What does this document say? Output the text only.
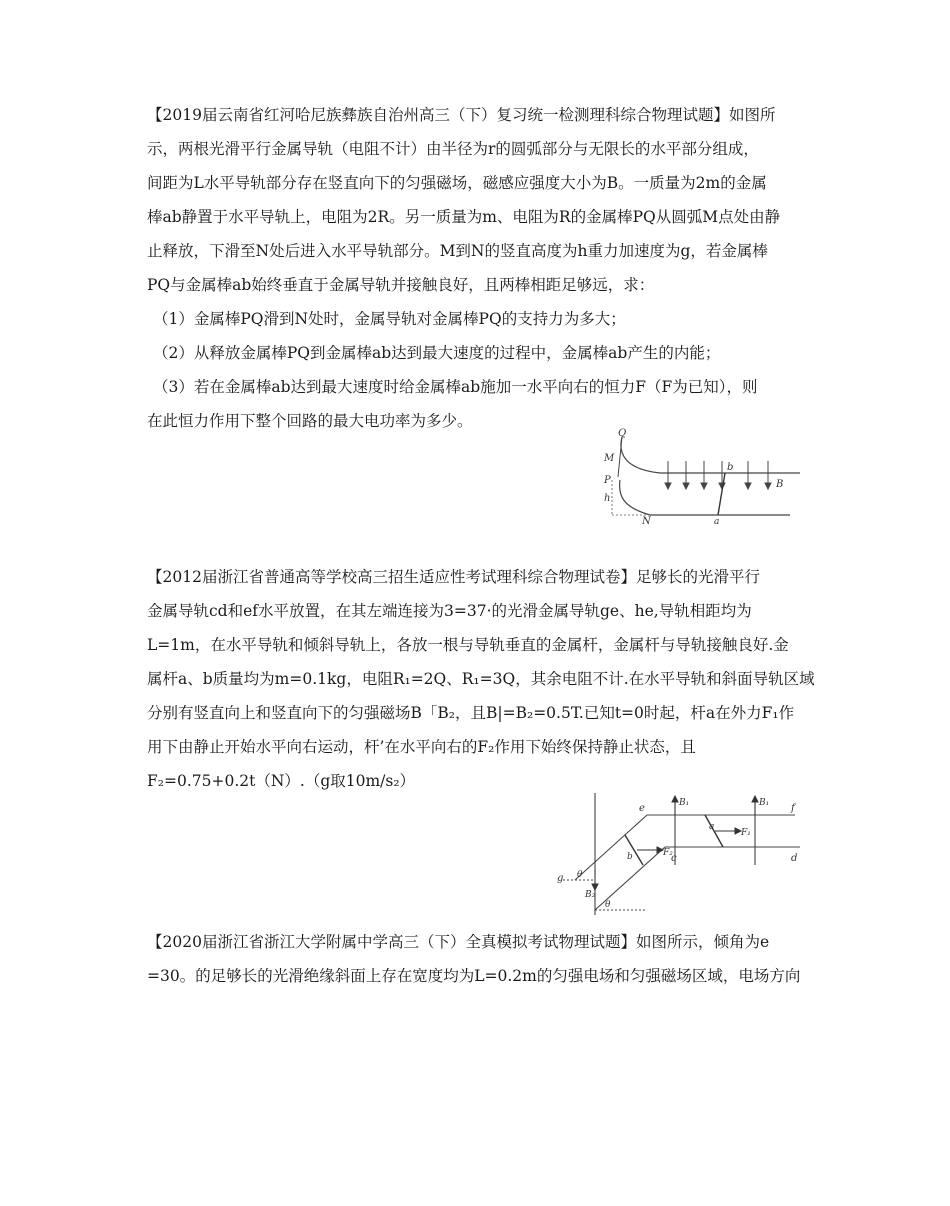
【2019届云南省红河哈尼族彝族自治州高三（下）复习统一检测理科综合物理试题】如图所
示，两根光滑平行金属导轨（电阻不计）由半径为r的圆弧部分与无限长的水平部分组成，
间距为L水平导轨部分存在竖直向下的匀强磁场，磁感应强度大小为B。一质量为2m的金属
棒ab静置于水平导轨上，电阻为2R。另一质量为m、电阻为R的金属棒PQ从圆弧M点处由静
止释放，下滑至N处后进入水平导轨部分。M到N的竖直高度为h重力加速度为g，若金属棒
PQ与金属棒ab始终垂直于金属导轨并接触良好，且两棒相距足够远，求：
（1）金属棒PQ滑到N处时，金属导轨对金属棒PQ的支持力为多大；
（2）从释放金属棒PQ到金属棒ab达到最大速度的过程中，金属棒ab产生的内能；
（3）若在金属棒ab达到最大速度时给金属棒ab施加一水平向右的恒力F（F为已知），则
在此恒力作用下整个回路的最大电功率为多少。
Q
M
P
h
N
b
a
B
【2012届浙江省普通高等学校高三招生适应性考试理科综合物理试卷】足够长的光滑平行
金属导轨cd和ef水平放置，在其左端连接为3=37·的光滑金属导轨ge、he,导轨相距均为
L=1m，在水平导轨和倾斜导轨上，各放一根与导轨垂直的金属杆，金属杆与导轨接触良好.金
属杆a、b质量均为m=0.1kg，电阻R₁=2Q、R₁=3Q，其余电阻不计.在水平导轨和斜面导轨区域
分别有竖直向上和竖直向下的匀强磁场B「B₂，且B|=B₂=0.5T.已知t=0时起，杆a在外力F₁作
用下由静止开始水平向右运动，杆’在水平向右的F₂作用下始终保持静止状态，且
F₂=0.75+0.2t（N）.（g取10m/s₂）
e	B₁	B₁ f
a
F₁
b	F₂
c	d
g θ
B₂
θ
【2020届浙江省浙江大学附属中学高三（下）全真模拟考试物理试题】如图所示，倾角为e
=30。的足够长的光滑绝缘斜面上存在宽度均为L=0.2m的匀强电场和匀强磁场区域，电场方向
